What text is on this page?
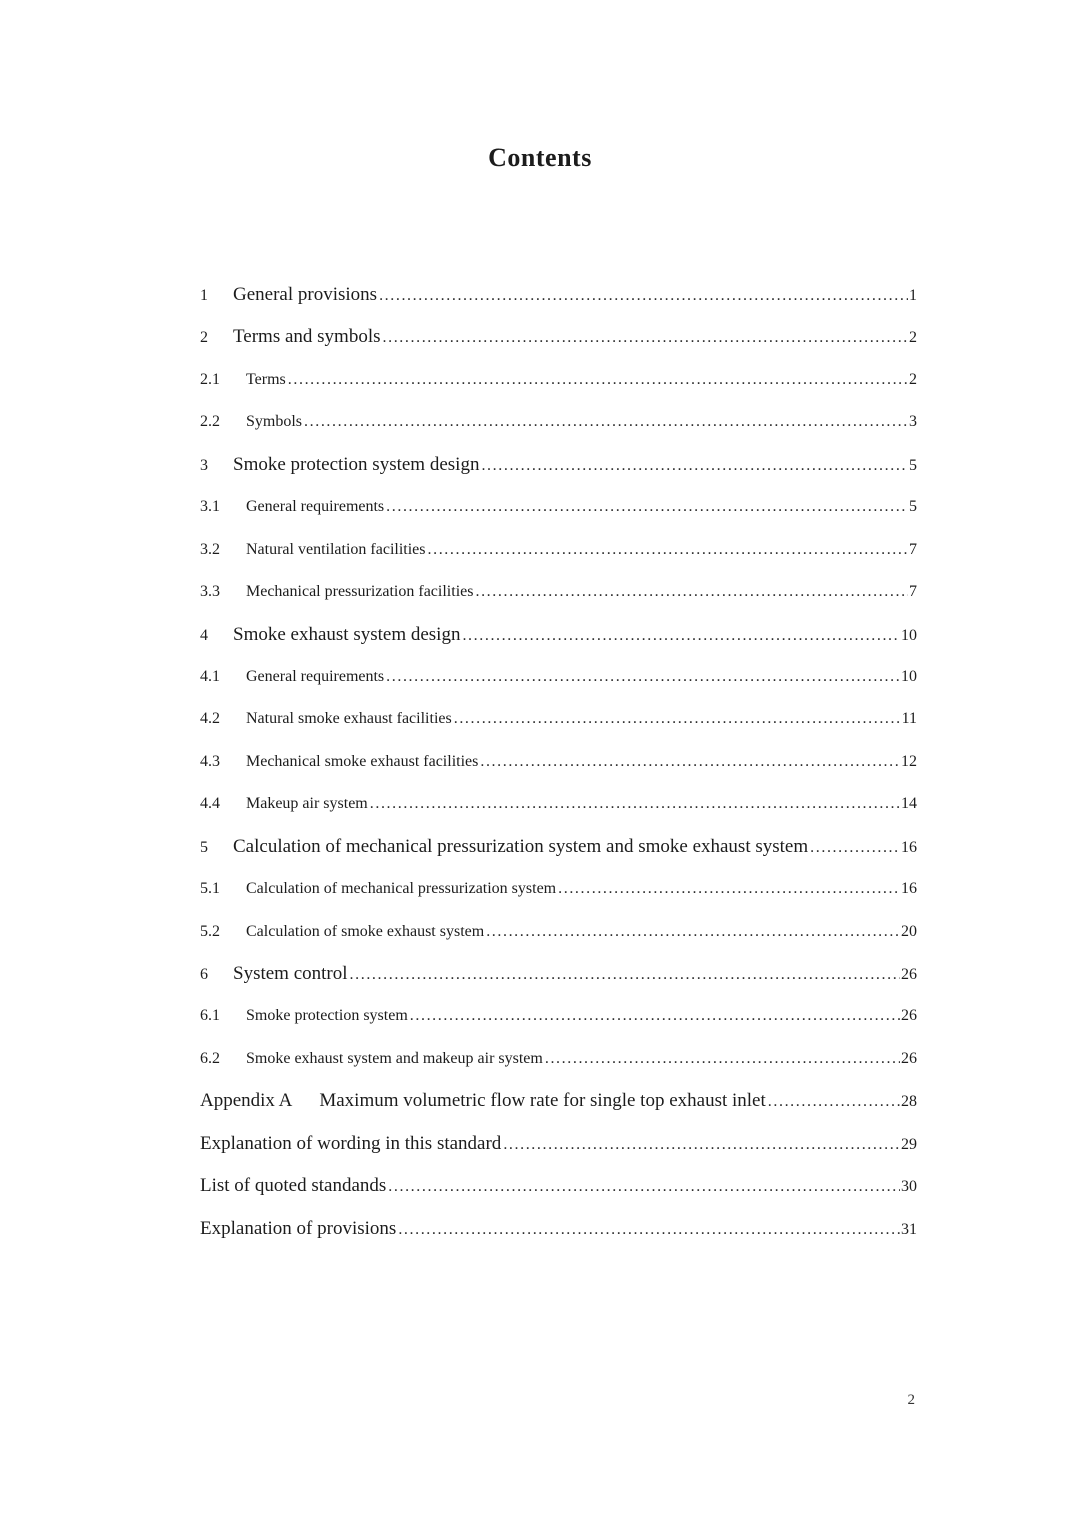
Contents
1	General provisions .....	1
2	Terms and symbols .....	2
2.1	Terms .....	2
2.2	Symbols .....	3
3	Smoke protection system design .....	5
3.1	General requirements .....	5
3.2	Natural ventilation facilities .....	7
3.3	Mechanical pressurization facilities .....	7
4	Smoke exhaust system design .....	10
4.1	General requirements .....	10
4.2	Natural smoke exhaust facilities .....	11
4.3	Mechanical smoke exhaust facilities .....	12
4.4	Makeup air system .....	14
5	Calculation of mechanical pressurization system and smoke exhaust system .....	16
5.1	Calculation of mechanical pressurization system .....	16
5.2	Calculation of smoke exhaust system .....	20
6	System control .....	26
6.1	Smoke protection system .....	26
6.2	Smoke exhaust system and makeup air system .....	26
Appendix A Maximum volumetric flow rate for single top exhaust inlet .....	28
Explanation of wording in this standard .....	29
List of quoted standands .....	30
Explanation of provisions .....	31
2
